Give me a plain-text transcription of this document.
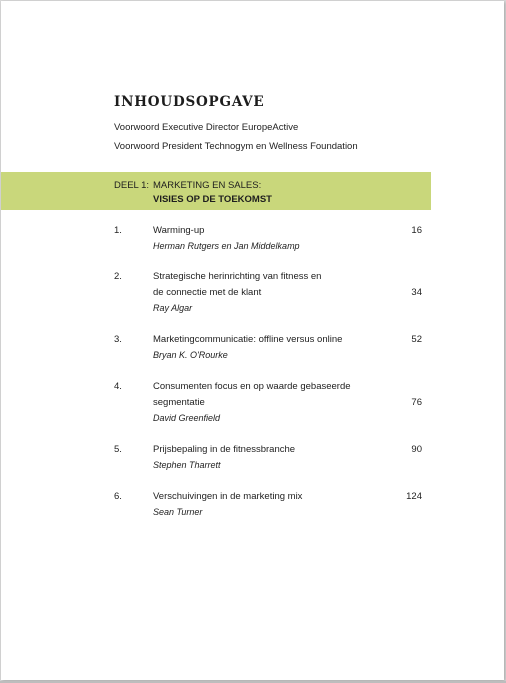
INHOUDSOPGAVE
Voorwoord Executive Director EuropeActive
Voorwoord President Technogym en Wellness Foundation
DEEL 1: MARKETING EN SALES:
VISIES OP DE TOEKOMST
1.	Warming-up	16
Herman Rutgers en Jan Middelkamp
2.	Strategische herinrichting van fitness en
de connectie met de klant	34
Ray Algar
3.	Marketingcommunicatie: offline versus online	52
Bryan K. O'Rourke
4.	Consumenten focus en op waarde gebaseerde
segmentatie	76
David Greenfield
5.	Prijsbepaling in de fitnessbranche	90
Stephen Tharrett
6.	Verschuivingen in de marketing mix	124
Sean Turner
